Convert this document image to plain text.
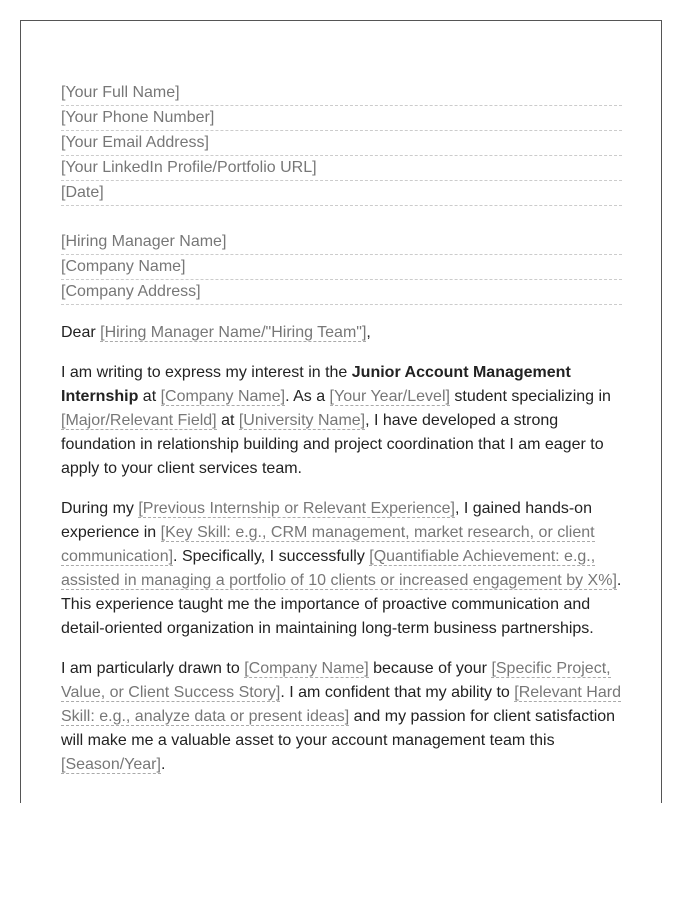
[Your Full Name]
[Your Phone Number]
[Your Email Address]
[Your LinkedIn Profile/Portfolio URL]
[Date]
[Hiring Manager Name]
[Company Name]
[Company Address]
Dear [Hiring Manager Name/"Hiring Team"],

I am writing to express my interest in the Junior Account Management Internship at [Company Name]. As a [Your Year/Level] student specializing in [Major/Relevant Field] at [University Name], I have developed a strong foundation in relationship building and project coordination that I am eager to apply to your client services team.

During my [Previous Internship or Relevant Experience], I gained hands-on experience in [Key Skill: e.g., CRM management, market research, or client communication]. Specifically, I successfully [Quantifiable Achievement: e.g., assisted in managing a portfolio of 10 clients or increased engagement by X%]. This experience taught me the importance of proactive communication and detail-oriented organization in maintaining long-term business partnerships.

I am particularly drawn to [Company Name] because of your [Specific Project, Value, or Client Success Story]. I am confident that my ability to [Relevant Hard Skill: e.g., analyze data or present ideas] and my passion for client satisfaction will make me a valuable asset to your account management team this [Season/Year].
